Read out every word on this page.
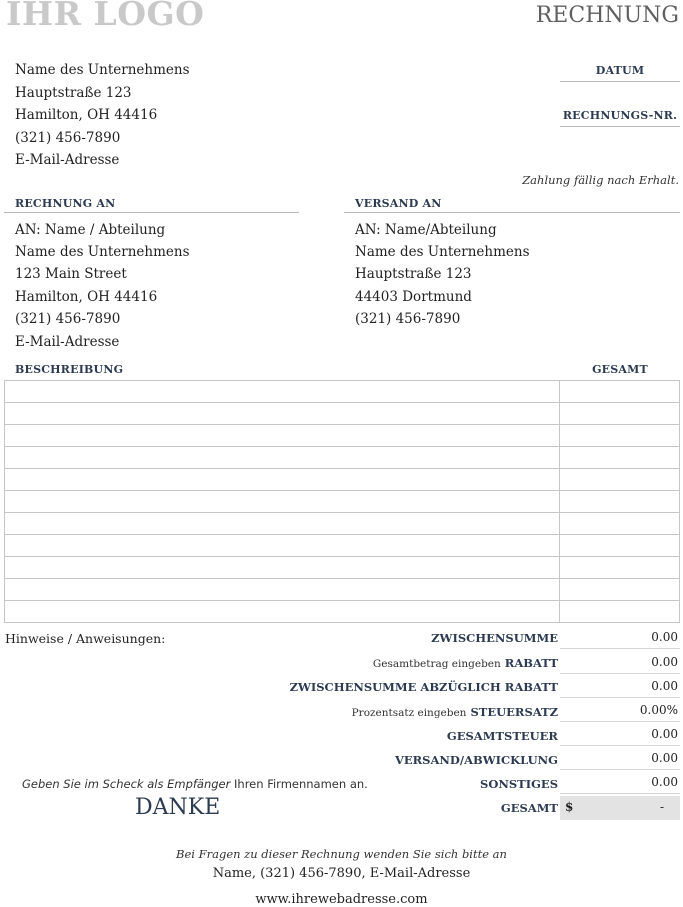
IHR LOGO	RECHNUNG
Name des Unternehmens
Hauptstraße 123
Hamilton, OH 44416
(321) 456-7890
E-Mail-Adresse
DATUM
RECHNUNGS-NR.
Zahlung fällig nach Erhalt.
RECHNUNG AN
AN: Name / Abteilung
Name des Unternehmens
123 Main Street
Hamilton, OH 44416
(321) 456-7890
E-Mail-Adresse
VERSAND AN
AN: Name/Abteilung
Name des Unternehmens
Hauptstraße 123
44403 Dortmund
(321) 456-7890
BESCHREIBUNG	GESAMT

Hinweise / Anweisungen:	ZWISCHENSUMME	0.00
Gesamtbetrag eingeben RABATT	0.00
ZWISCHENSUMME ABZÜGLICH RABATT	0.00
Prozentsatz eingeben STEUERSATZ	0.00%
GESAMTSTEUER	0.00
VERSAND/ABWICKLUNG	0.00
SONSTIGES	0.00
GESAMT $	-
Geben Sie im Scheck als Empfänger Ihren Firmennamen an.
DANKE
Bei Fragen zu dieser Rechnung wenden Sie sich bitte an
Name, (321) 456-7890, E-Mail-Adresse
www.ihrewebadresse.com
